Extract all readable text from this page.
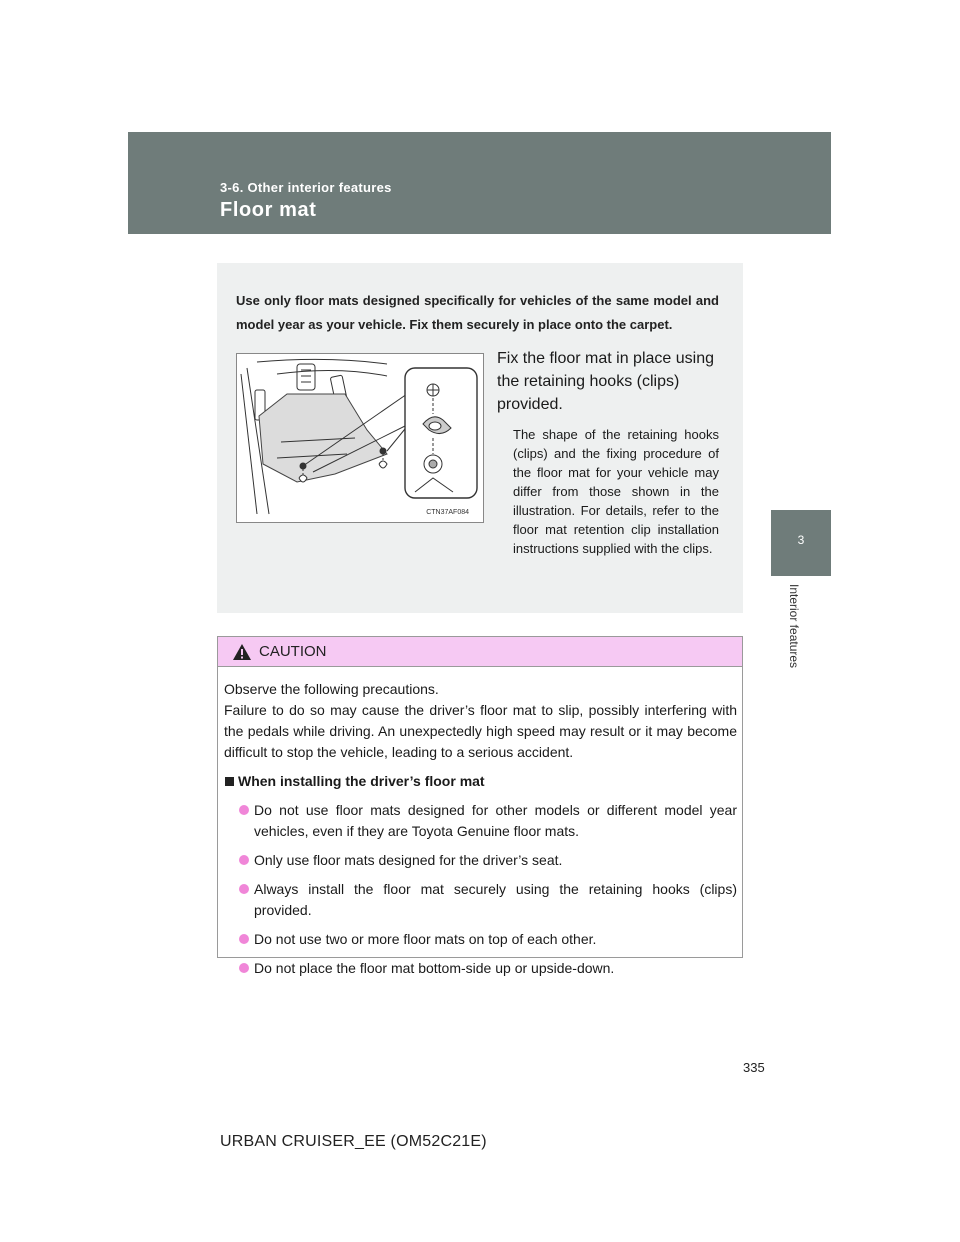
3-6. Other interior features
Floor mat
3
Interior features
Use only floor mats designed specifically for vehicles of the same model and model year as your vehicle. Fix them securely in place onto the carpet.
CTN37AF084
Fix the floor mat in place using the retaining hooks (clips) provided.
The shape of the retaining hooks (clips) and the fixing procedure of the floor mat for your vehicle may differ from those shown in the illustration. For details, refer to the floor mat retention clip installation instructions supplied with the clips.
CAUTION
Observe the following precautions.
Failure to do so may cause the driver’s floor mat to slip, possibly interfering with the pedals while driving. An unexpectedly high speed may result or it may become difficult to stop the vehicle, leading to a serious accident.
When installing the driver’s floor mat
Do not use floor mats designed for other models or different model year vehicles, even if they are Toyota Genuine floor mats.
Only use floor mats designed for the driver’s seat.
Always install the floor mat securely using the retaining hooks (clips) provided.
Do not use two or more floor mats on top of each other.
Do not place the floor mat bottom-side up or upside-down.
335
URBAN CRUISER_EE (OM52C21E)
